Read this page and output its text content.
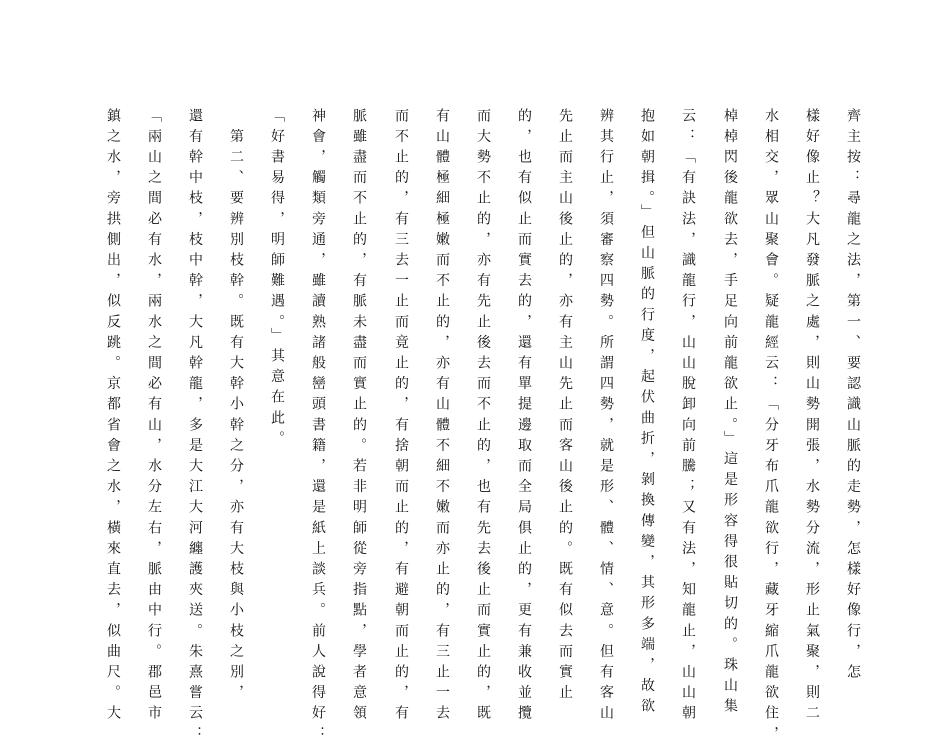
齊主按：尋龍之法，第一、要認識山脈的走勢，怎樣好像行，怎
樣好像止？大凡發脈之處，則山勢開張，水勢分流，形止氣聚，則二
水相交，眾山聚會。疑龍經云：「分牙布爪龍欲行，藏牙縮爪龍欲住，
棹棹閃後龍欲去，手足向前龍欲止。」這是形容得很貼切的。珠山集
云：「有訣法，識龍行，山山脫卸向前騰；又有法，知龍止，山山朝
抱如朝揖。」但山脈的行度，起伏曲折，剝換傳變，其形多端，故欲
辨其行止，須審察四勢。所謂四勢，就是形、體、情、意。但有客山
先止而主山後止的，亦有主山先止而客山後止的。既有似去而實止
的，也有似止而實去的，還有單提邊取而全局俱止的，更有兼收並攬
而大勢不止的，亦有先止後去而不止的，也有先去後止而實止的，既
有山體極細極嫩而不止的，亦有山體不細不嫩而亦止的，有三止一去
而不止的，有三去一止而竟止的，有捨朝而止的，有避朝而止的，有
脈雖盡而不止的，有脈未盡而實止的。若非明師從旁指點，學者意領
神會，觸類旁通，雖讀熟諸般巒頭書籍，還是紙上談兵。前人說得好：
「好書易得，明師難遇。」其意在此。
　第二、要辨別枝幹。既有大幹小幹之分，亦有大枝與小枝之別，
還有幹中枝，枝中幹，大凡幹龍，多是大江大河纏護夾送。朱熹嘗云：
「兩山之間必有水，兩水之間必有山，水分左右，脈由中行。郡邑市
鎮之水，旁拱側出，似反跳。京都省會之水，橫來直去，似曲尺。大
